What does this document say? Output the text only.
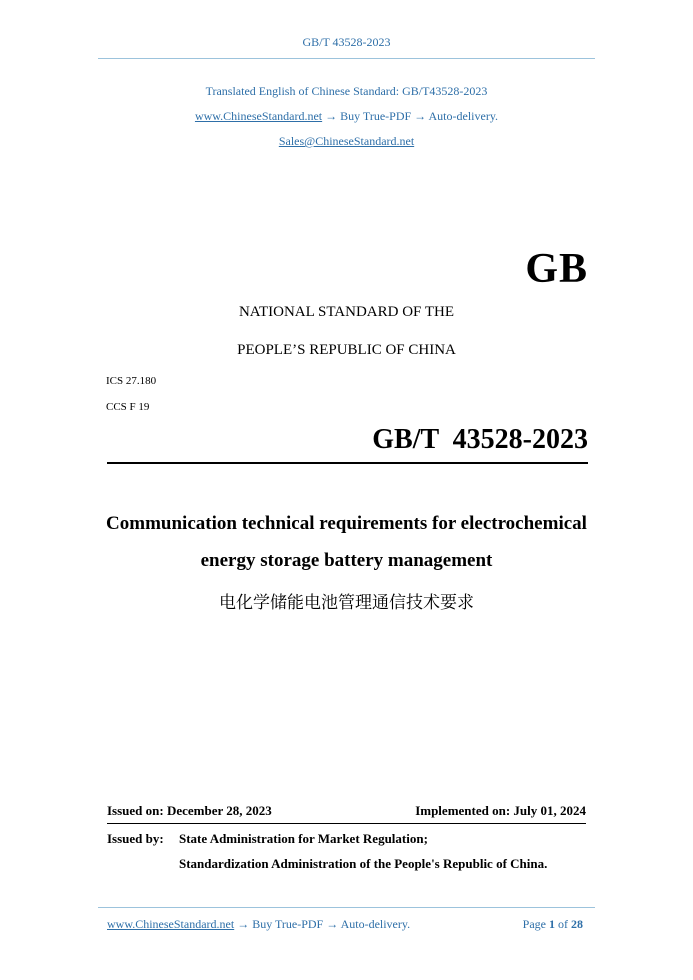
GB/T 43528-2023
Translated English of Chinese Standard: GB/T43528-2023
www.ChineseStandard.net → Buy True-PDF → Auto-delivery.
Sales@ChineseStandard.net
GB
NATIONAL STANDARD OF THE
PEOPLE’S REPUBLIC OF CHINA
ICS 27.180
CCS F 19
GB/T  43528-2023
Communication technical requirements for electrochemical
energy storage battery management
电化学储能电池管理通信技术要求
Issued on: December 28, 2023	Implemented on: July 01, 2024
Issued by: State Administration for Market Regulation;
Standardization Administration of the People's Republic of China.
www.ChineseStandard.net → Buy True-PDF → Auto-delivery.	Page 1 of 28
